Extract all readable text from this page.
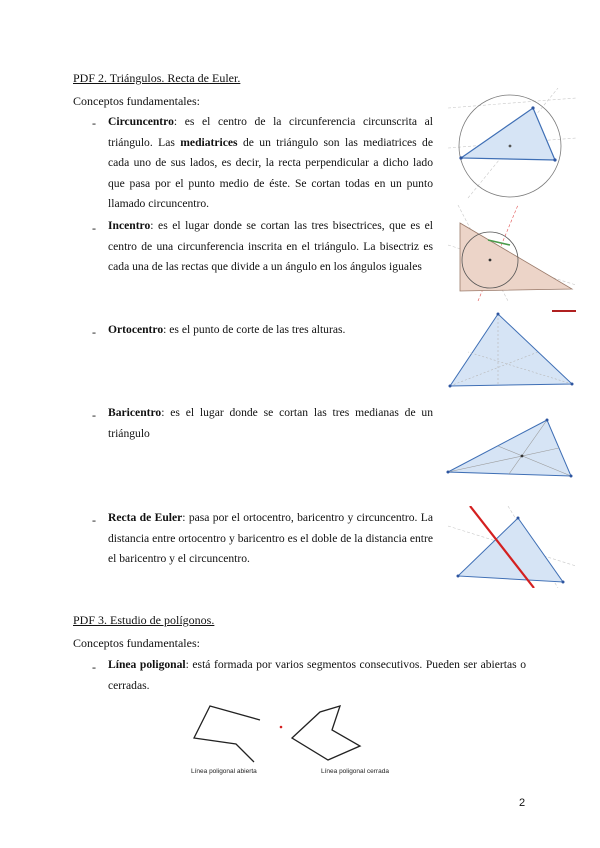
PDF 2. Triángulos. Recta de Euler.
Conceptos fundamentales:
- Circuncentro: es el centro de la circunferencia circunscrita al triángulo. Las mediatrices de un triángulo son las mediatrices de cada uno de sus lados, es decir, la recta perpendicular a dicho lado que pasa por el punto medio de éste. Se cortan todas en un punto llamado circuncentro.
- Incentro: es el lugar donde se cortan las tres bisectrices, que es el centro de una circunferencia inscrita en el triángulo. La bisectriz es cada una de las rectas que divide a un ángulo en los ángulos iguales
- Ortocentro: es el punto de corte de las tres alturas.
- Baricentro: es el lugar donde se cortan las tres medianas de un triángulo
- Recta de Euler: pasa por el ortocentro, baricentro y circuncentro. La distancia entre ortocentro y baricentro es el doble de la distancia entre el baricentro y el circuncentro.
PDF 3. Estudio de polígonos.
Conceptos fundamentales:
- Línea poligonal: está formada por varios segmentos consecutivos. Pueden ser abiertas o cerradas.
Línea poligonal abierta	Línea poligonal cerrada
2
